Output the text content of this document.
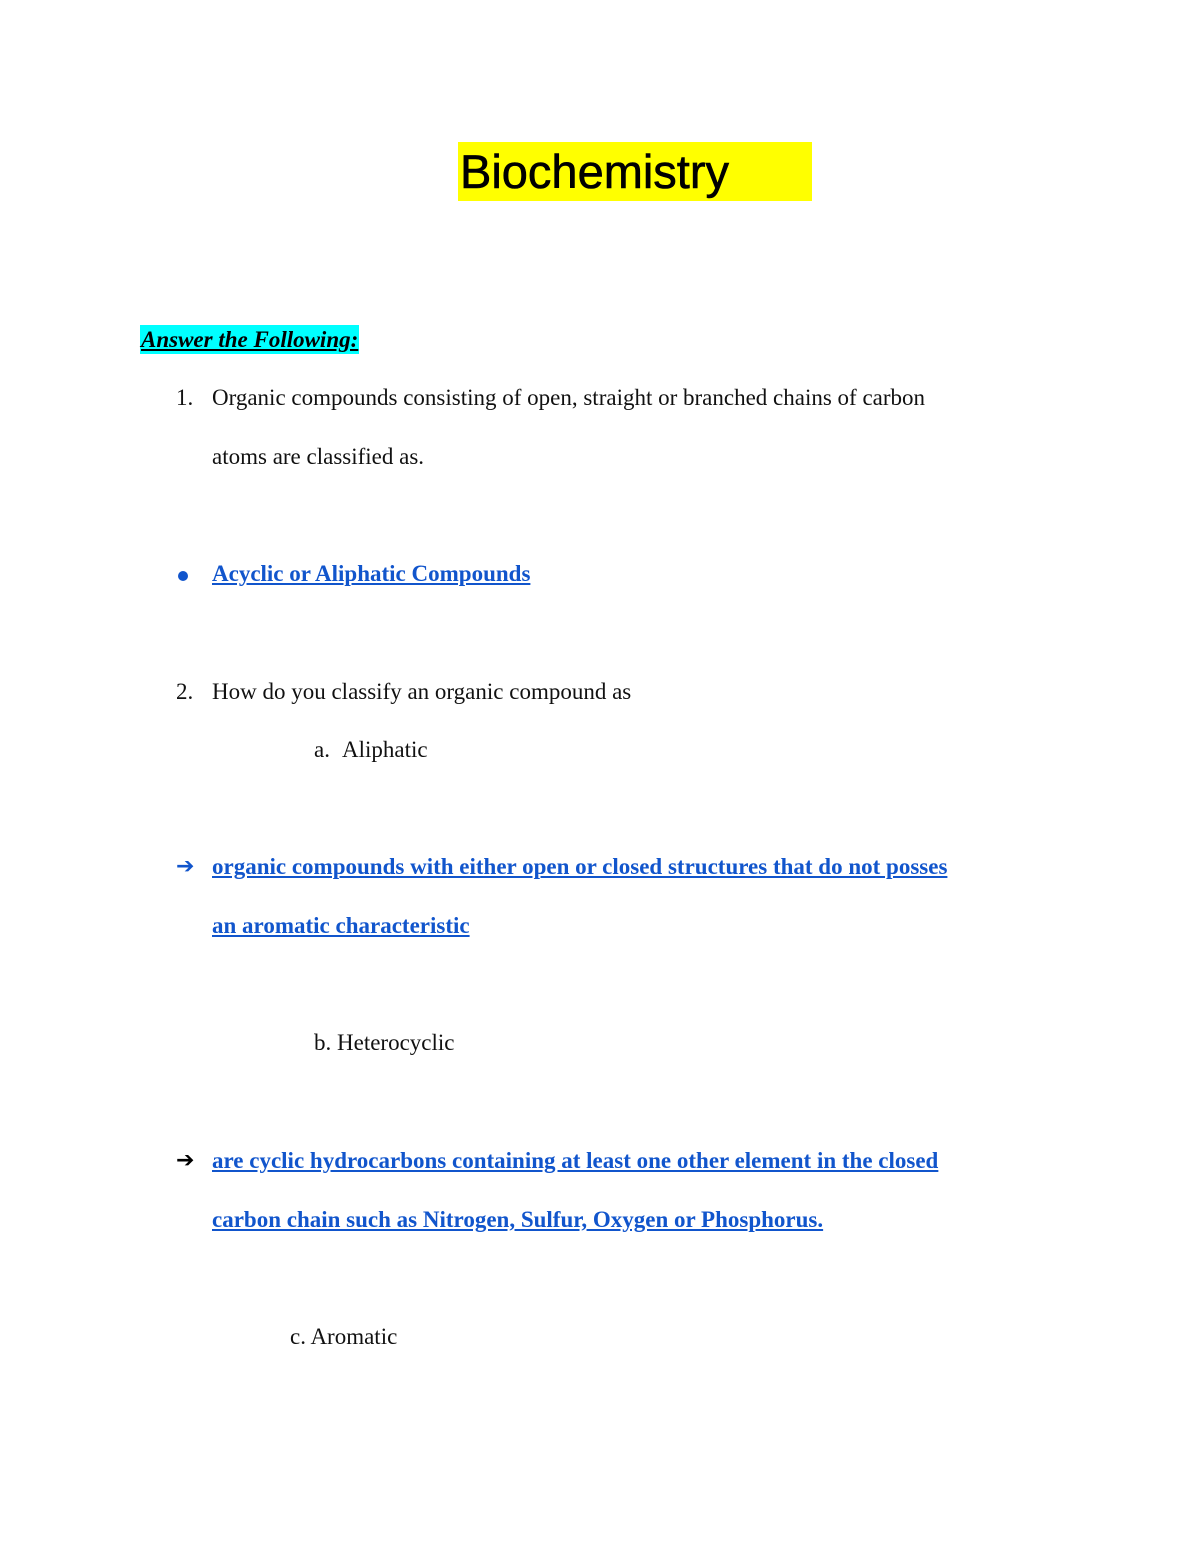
Biochemistry
Answer the Following:
1. Organic compounds consisting of open, straight or branched chains of carbon
atoms are classified as.
Acyclic or Aliphatic Compounds
2. How do you classify an organic compound as
a. Aliphatic
➔ organic compounds with either open or closed structures that do not posses
an aromatic characteristic
b. Heterocyclic
➔ are cyclic hydrocarbons containing at least one other element in the closed
carbon chain such as Nitrogen, Sulfur, Oxygen or Phosphorus.
c. Aromatic
